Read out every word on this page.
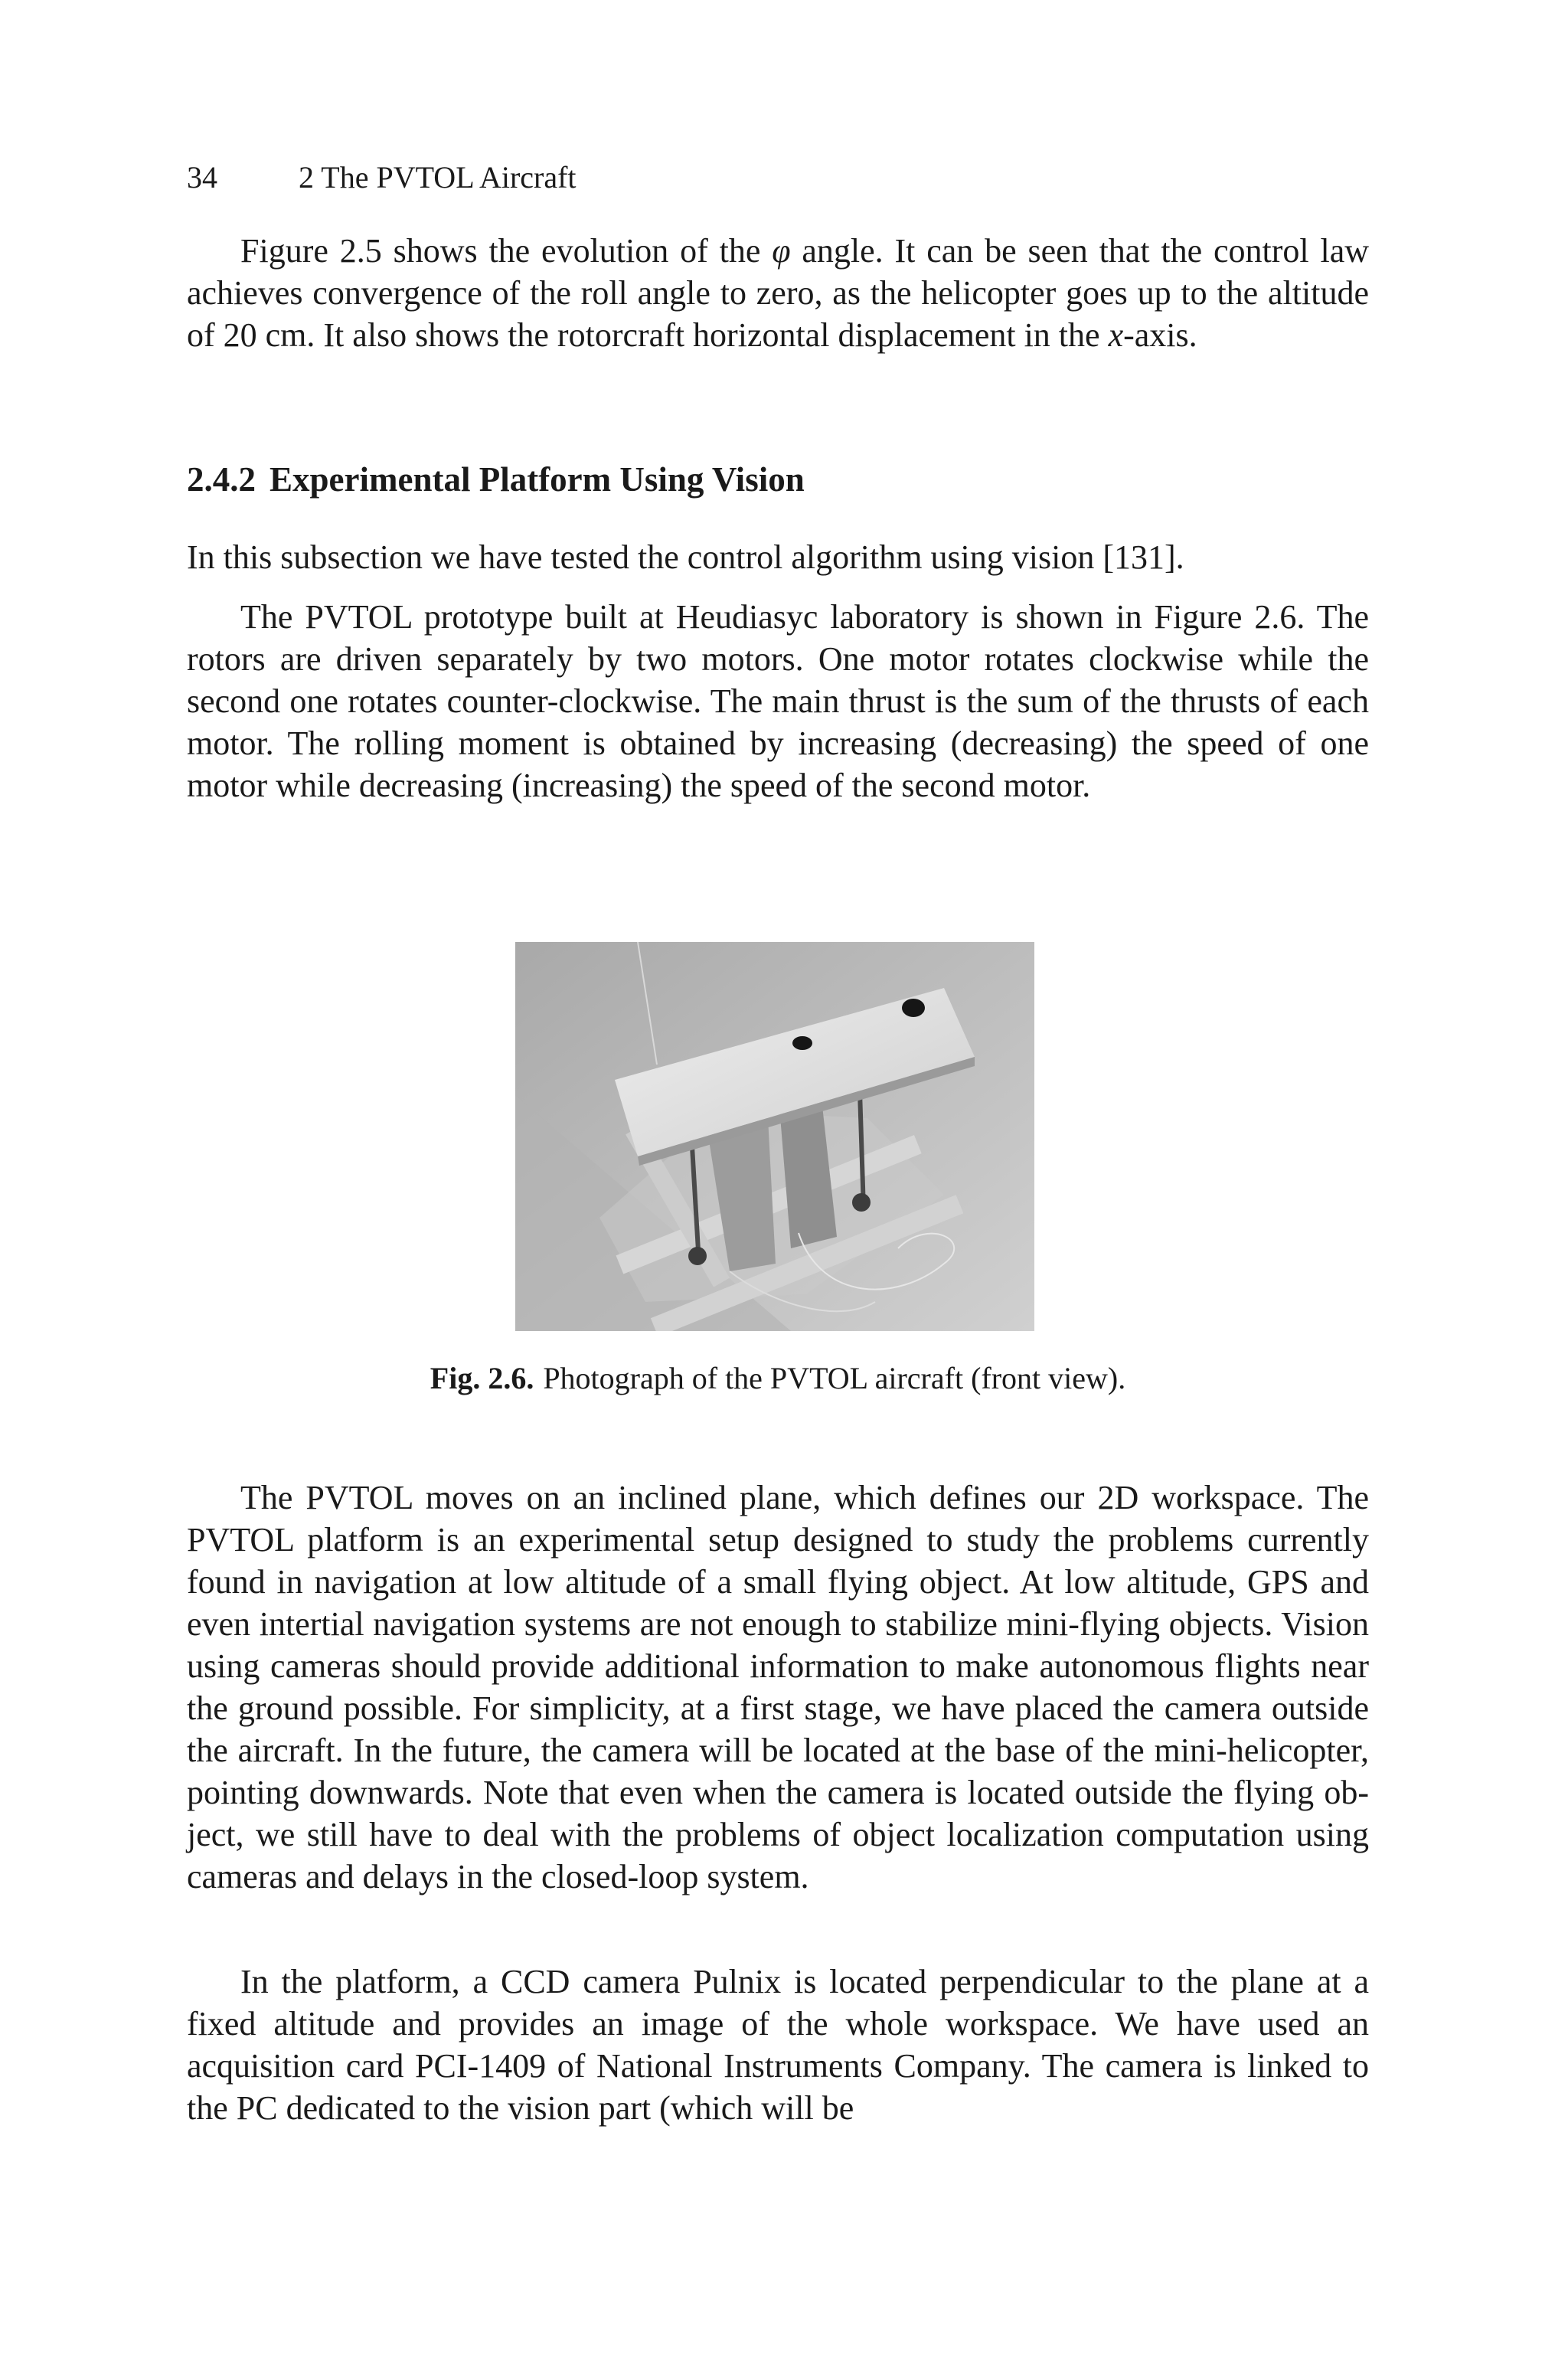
34	2 The PVTOL Aircraft

Figure 2.5 shows the evolution of the φ angle. It can be seen that the control law achieves convergence of the roll angle to zero, as the helicopter goes up to the altitude of 20 cm. It also shows the rotorcraft horizontal displacement in the x-axis.

2.4.2 Experimental Platform Using Vision

In this subsection we have tested the control algorithm using vision [131].

The PVTOL prototype built at Heudiasyc laboratory is shown in Figure 2.6. The rotors are driven separately by two motors. One motor rotates clockwise while the second one rotates counter-clockwise. The main thrust is the sum of the thrusts of each motor. The rolling moment is obtained by increasing (decreasing) the speed of one motor while decreasing (increasing) the speed of the second motor.

Fig. 2.6. Photograph of the PVTOL aircraft (front view).

The PVTOL moves on an inclined plane, which defines our 2D workspace. The PVTOL platform is an experimental setup designed to study the problems currently found in navigation at low altitude of a small flying object. At low altitude, GPS and even intertial navigation systems are not enough to stabilize mini-flying objects. Vision using cameras should provide additional information to make autonomous flights near the ground possible. For simplicity, at a first stage, we have placed the camera outside the aircraft. In the future, the camera will be located at the base of the mini-helicopter, pointing downwards. Note that even when the camera is located outside the flying object, we still have to deal with the problems of object localization computation using cameras and delays in the closed-loop system.

In the platform, a CCD camera Pulnix is located perpendicular to the plane at a fixed altitude and provides an image of the whole workspace. We have used an acquisition card PCI-1409 of National Instruments Company. The camera is linked to the PC dedicated to the vision part (which will be
